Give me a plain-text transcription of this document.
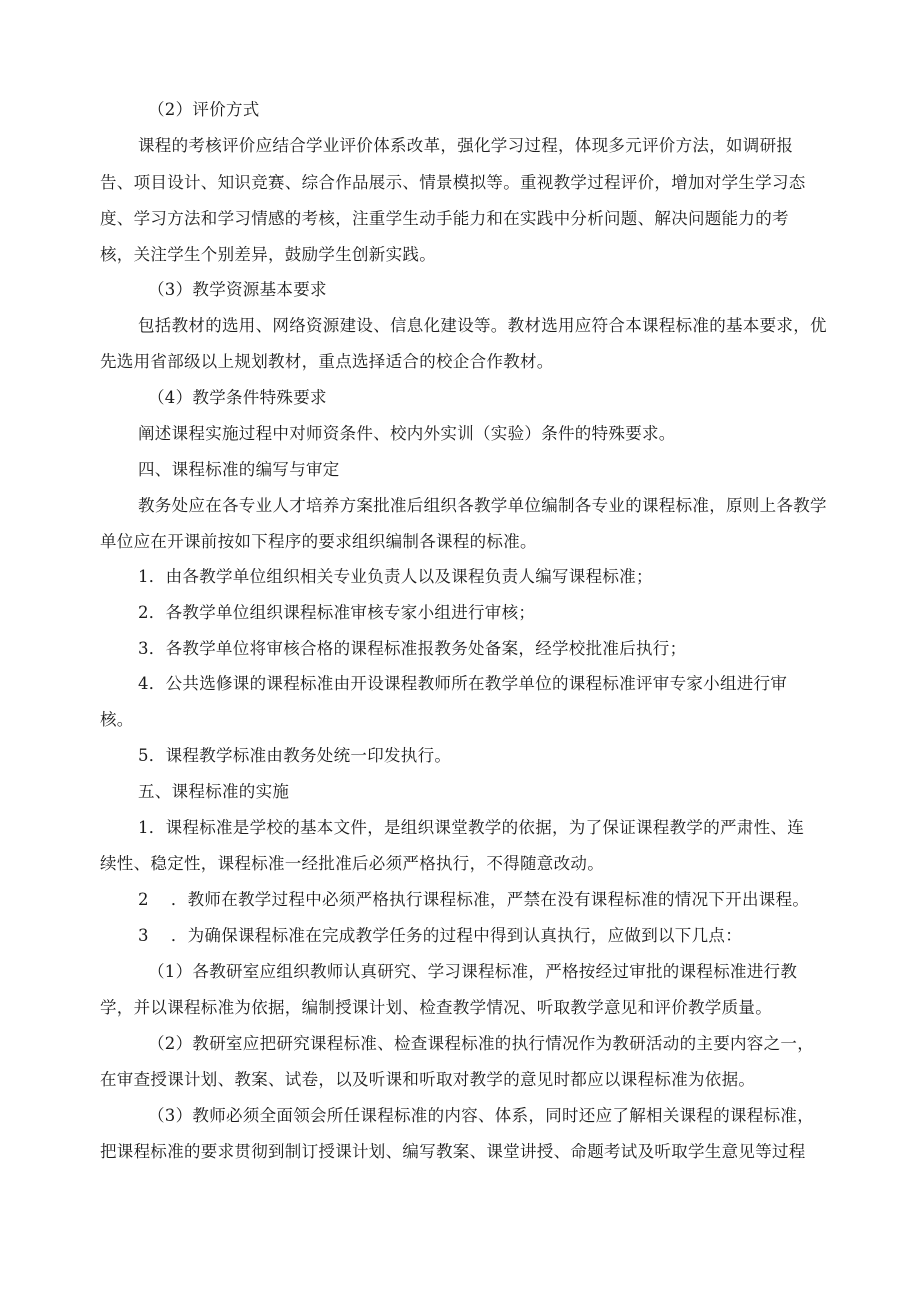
（2）评价方式
课程的考核评价应结合学业评价体系改革，强化学习过程，体现多元评价方法，如调研报
告、项目设计、知识竞赛、综合作品展示、情景模拟等。重视教学过程评价，增加对学生学习态
度、学习方法和学习情感的考核，注重学生动手能力和在实践中分析问题、解决问题能力的考
核，关注学生个别差异，鼓励学生创新实践。
（3）教学资源基本要求
包括教材的选用、网络资源建设、信息化建设等。教材选用应符合本课程标准的基本要求，优
先选用省部级以上规划教材，重点选择适合的校企合作教材。
（4）教学条件特殊要求
阐述课程实施过程中对师资条件、校内外实训（实验）条件的特殊要求。
四、课程标准的编写与审定
教务处应在各专业人才培养方案批准后组织各教学单位编制各专业的课程标准，原则上各教学
单位应在开课前按如下程序的要求组织编制各课程的标准。
1．由各教学单位组织相关专业负责人以及课程负责人编写课程标准；
2．各教学单位组织课程标准审核专家小组进行审核；
3．各教学单位将审核合格的课程标准报教务处备案，经学校批准后执行；
4．公共选修课的课程标准由开设课程教师所在教学单位的课程标准评审专家小组进行审
核。
5．课程教学标准由教务处统一印发执行。
五、课程标准的实施
1．课程标准是学校的基本文件，是组织课堂教学的依据，为了保证课程教学的严肃性、连
续性、稳定性，课程标准一经批准后必须严格执行，不得随意改动。
2 ．教师在教学过程中必须严格执行课程标准，严禁在没有课程标准的情况下开出课程。
3 ．为确保课程标准在完成教学任务的过程中得到认真执行，应做到以下几点：
（1）各教研室应组织教师认真研究、学习课程标准，严格按经过审批的课程标准进行教
学，并以课程标准为依据，编制授课计划、检查教学情况、听取教学意见和评价教学质量。
（2）教研室应把研究课程标准、检查课程标准的执行情况作为教研活动的主要内容之一，
在审查授课计划、教案、试卷，以及听课和听取对教学的意见时都应以课程标准为依据。
（3）教师必须全面领会所任课程标准的内容、体系，同时还应了解相关课程的课程标准，
把课程标准的要求贯彻到制订授课计划、编写教案、课堂讲授、命题考试及听取学生意见等过程
